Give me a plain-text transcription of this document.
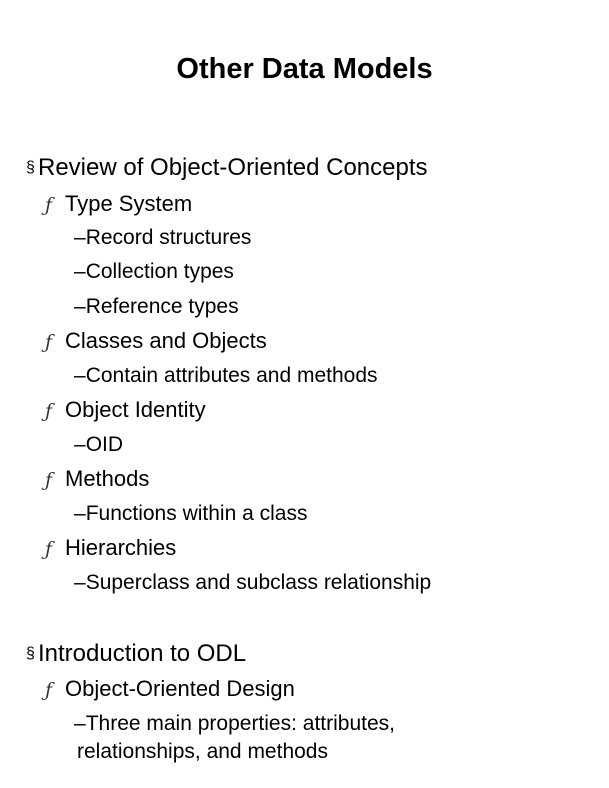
Other Data Models
§ Review of Object-Oriented Concepts
ƒ Type System
–Record structures
–Collection types
–Reference types
ƒ Classes and Objects
–Contain attributes and methods
ƒ Object Identity
–OID
ƒ Methods
–Functions within a class
ƒ Hierarchies
–Superclass and subclass relationship
§ Introduction to ODL
ƒ Object-Oriented Design
–Three main properties: attributes, relationships, and methods
